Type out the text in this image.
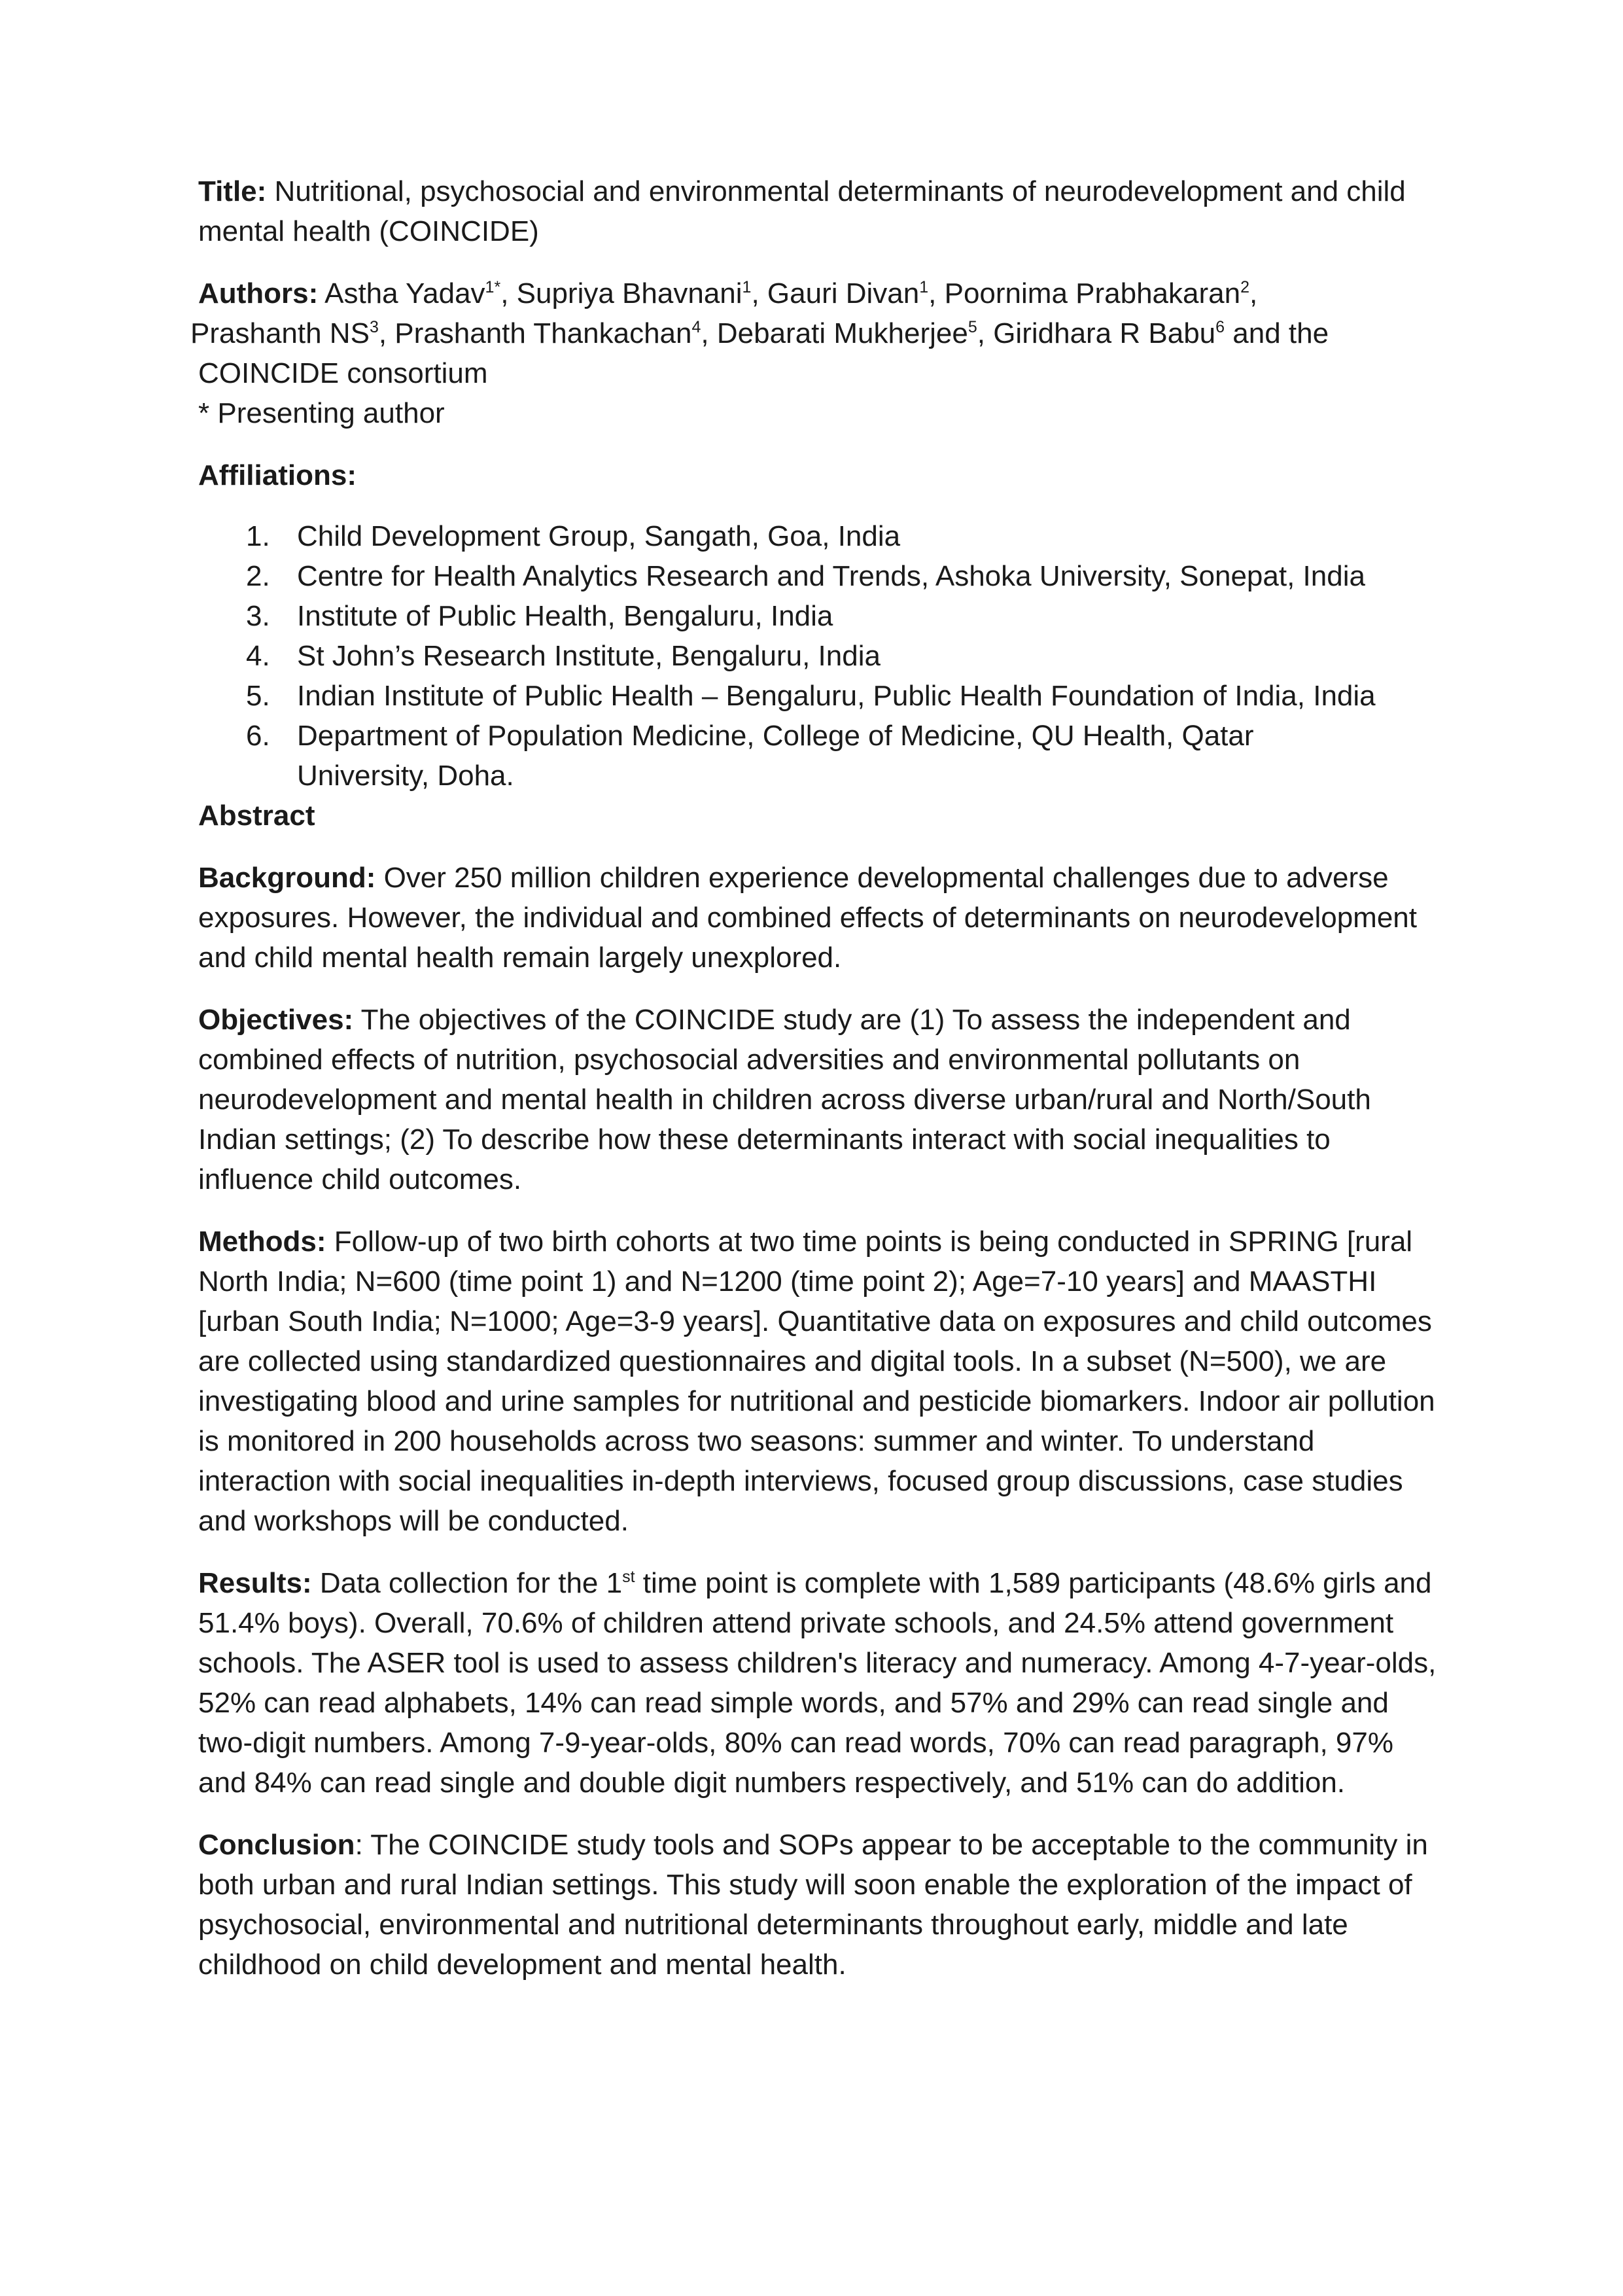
Title: Nutritional, psychosocial and environmental determinants of neurodevelopment and child mental health (COINCIDE)

Authors: Astha Yadav$^{1*}$, Supriya Bhavnani$^1$, Gauri Divan$^1$, Poornima Prabhakaran$^2$,
Prashanth $NS^3$, Prashanth Thankachan$^4$, Debarati Mukherjee$^5$, Giridhara R Babu$^6$ and the COINCIDE consortium

* Presenting author

Affiliations:

1. Child Development Group, Sangath, Goa, India
2. Centre for Health Analytics Research and Trends, Ashoka University, Sonepat, India
3. Institute of Public Health, Bengaluru, India
4. St John’s Research Institute, Bengaluru, India
5. Indian Institute of Public Health – Bengaluru, Public Health Foundation of India, India
6. Department of Population Medicine, College of Medicine, QU Health, Qatar University, Doha.

Abstract

Background: Over 250 million children experience developmental challenges due to adverse exposures. However, the individual and combined effects of determinants on neurodevelopment and child mental health remain largely unexplored.

Objectives: The objectives of the COINCIDE study are (1) To assess the independent and combined effects of nutrition, psychosocial adversities and environmental pollutants on neurodevelopment and mental health in children across diverse urban/rural and North/South Indian settings; (2) To describe how these determinants interact with social inequalities to influence child outcomes.

Methods: Follow-up of two birth cohorts at two time points is being conducted in SPRING [rural North India; N=600 (time point 1) and N=1200 (time point 2); Age=7-10 years] and MAASTHI [urban South India; N=1000; Age=3-9 years]. Quantitative data on exposures and child outcomes are collected using standardized questionnaires and digital tools. In a subset (N=500), we are investigating blood and urine samples for nutritional and pesticide biomarkers. Indoor air pollution is monitored in 200 households across two seasons: summer and winter. To understand interaction with social inequalities in-depth interviews, focused group discussions, case studies and workshops will be conducted.

Results: Data collection for the 1st time point is complete with 1,589 participants (48.6% girls and 51.4% boys). Overall, 70.6% of children attend private schools, and 24.5% attend government schools. The ASER tool is used to assess children's literacy and numeracy. Among 4-7-year-olds, 52% can read alphabets, 14% can read simple words, and 57% and 29% can read single and two-digit numbers. Among 7-9-year-olds, 80% can read words, 70% can read paragraph, 97% and 84% can read single and double digit numbers respectively, and 51% can do addition.

Conclusion: The COINCIDE study tools and SOPs appear to be acceptable to the community in both urban and rural Indian settings. This study will soon enable the exploration of the impact of psychosocial, environmental and nutritional determinants throughout early, middle and late childhood on child development and mental health.
